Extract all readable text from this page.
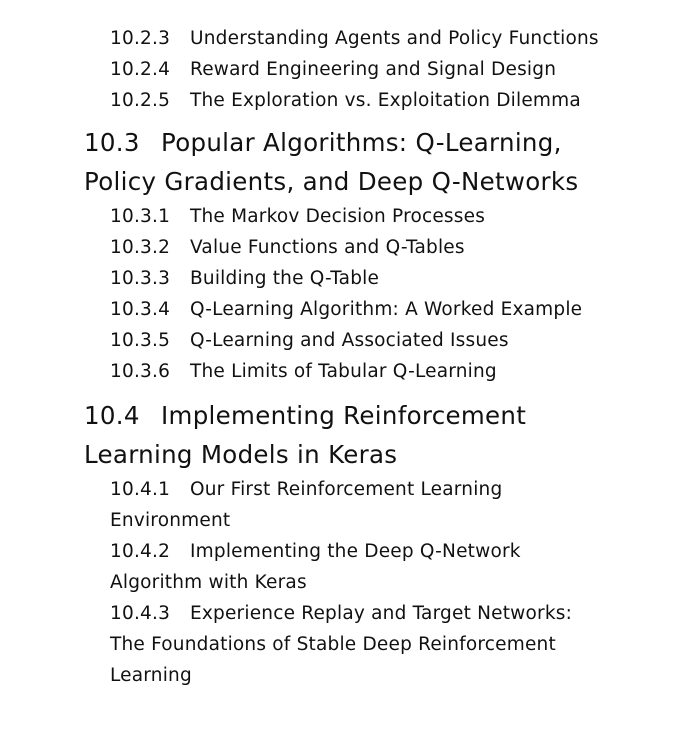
10.2.3 Understanding Agents and Policy Functions

10.2.4 Reward Engineering and Signal Design

10.2.5 The Exploration vs. Exploitation Dilemma

10.3 Popular Algorithms: Q-Learning,
Policy Gradients, and Deep Q-Networks

10.3.1 The Markov Decision Processes

10.3.2 Value Functions and Q-Tables

10.3.3 Building the Q-Table

10.3.4 Q-Learning Algorithm: A Worked Example

10.3.5 Q-Learning and Associated Issues

10.3.6 The Limits of Tabular Q-Learning

10.4 Implementing Reinforcement
Learning Models in Keras

10.4.1 Our First Reinforcement Learning
Environment

10.4.2 Implementing the Deep Q-Network
Algorithm with Keras

10.4.3 Experience Replay and Target Networks:
The Foundations of Stable Deep Reinforcement
Learning
